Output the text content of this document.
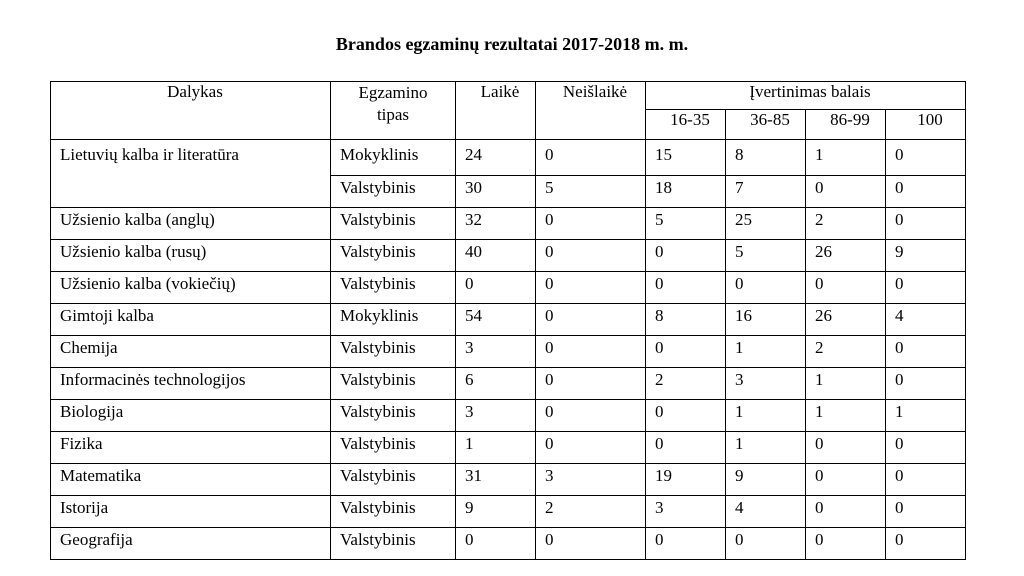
Brandos egzaminų rezultatai 2017-2018 m. m.
Dalykas	Egzamino tipas	Laikė	Neišlaikė	Įvertinimas balais			
				16-35	36-85	86-99	100
Lietuvių kalba ir literatūra	Mokyklinis	24	0	15	8	1	0
	Valstybinis	30	5	18	7	0	0
Užsienio kalba (anglų)	Valstybinis	32	0	5	25	2	0
Užsienio kalba (rusų)	Valstybinis	40	0	0	5	26	9
Užsienio kalba (vokiečių)	Valstybinis	0	0	0	0	0	0
Gimtoji kalba	Mokyklinis	54	0	8	16	26	4
Chemija	Valstybinis	3	0	0	1	2	0
Informacinės technologijos	Valstybinis	6	0	2	3	1	0
Biologija	Valstybinis	3	0	0	1	1	1
Fizika	Valstybinis	1	0	0	1	0	0
Matematika	Valstybinis	31	3	19	9	0	0
Istorija	Valstybinis	9	2	3	4	0	0
Geografija	Valstybinis	0	0	0	0	0	0
